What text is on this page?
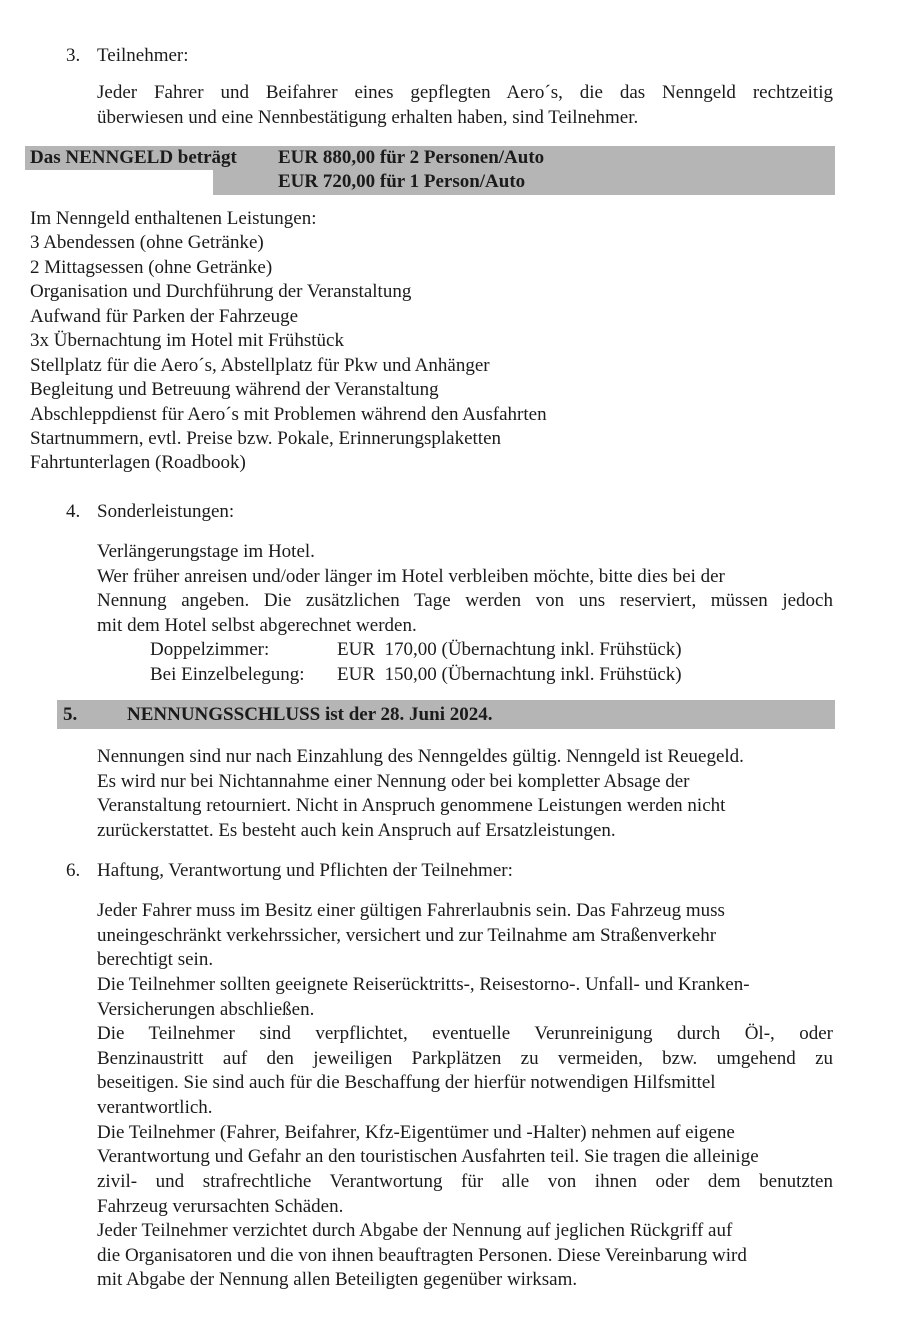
3. Teilnehmer:
Jeder Fahrer und Beifahrer eines gepflegten Aero´s, die das Nenngeld rechtzeitig
überwiesen und eine Nennbestätigung erhalten haben, sind Teilnehmer.
Das NENNGELD beträgt EUR 880,00 für 2 Personen/Auto
EUR 720,00 für 1 Person/Auto
Im Nenngeld enthaltenen Leistungen:
3 Abendessen (ohne Getränke)
2 Mittagsessen (ohne Getränke)
Organisation und Durchführung der Veranstaltung
Aufwand für Parken der Fahrzeuge
3x Übernachtung im Hotel mit Frühstück
Stellplatz für die Aero´s, Abstellplatz für Pkw und Anhänger
Begleitung und Betreuung während der Veranstaltung
Abschleppdienst für Aero´s mit Problemen während den Ausfahrten
Startnummern, evtl. Preise bzw. Pokale, Erinnerungsplaketten
Fahrtunterlagen (Roadbook)
4. Sonderleistungen:
Verlängerungstage im Hotel.
Wer früher anreisen und/oder länger im Hotel verbleiben möchte, bitte dies bei der
Nennung angeben. Die zusätzlichen Tage werden von uns reserviert, müssen jedoch
mit dem Hotel selbst abgerechnet werden.
Doppelzimmer:	EUR  170,00 (Übernachtung inkl. Frühstück)
Bei Einzelbelegung: EUR  150,00 (Übernachtung inkl. Frühstück)
5.	NENNUNGSSCHLUSS ist der 28. Juni 2024.
Nennungen sind nur nach Einzahlung des Nenngeldes gültig. Nenngeld ist Reuegeld.
Es wird nur bei Nichtannahme einer Nennung oder bei kompletter Absage der
Veranstaltung retourniert. Nicht in Anspruch genommene Leistungen werden nicht
zurückerstattet. Es besteht auch kein Anspruch auf Ersatzleistungen.
6. Haftung, Verantwortung und Pflichten der Teilnehmer:
Jeder Fahrer muss im Besitz einer gültigen Fahrerlaubnis sein. Das Fahrzeug muss
uneingeschränkt verkehrssicher, versichert und zur Teilnahme am Straßenverkehr
berechtigt sein.
Die Teilnehmer sollten geeignete Reiserücktritts-, Reisestorno-. Unfall- und Kranken-
Versicherungen abschließen.
Die Teilnehmer sind verpflichtet, eventuelle Verunreinigung durch Öl-, oder
Benzinaustritt auf den jeweiligen Parkplätzen zu vermeiden, bzw. umgehend zu
beseitigen. Sie sind auch für die Beschaffung der hierfür notwendigen Hilfsmittel
verantwortlich.
Die Teilnehmer (Fahrer, Beifahrer, Kfz-Eigentümer und -Halter) nehmen auf eigene
Verantwortung und Gefahr an den touristischen Ausfahrten teil. Sie tragen die alleinige
zivil- und strafrechtliche Verantwortung für alle von ihnen oder dem benutzten
Fahrzeug verursachten Schäden.
Jeder Teilnehmer verzichtet durch Abgabe der Nennung auf jeglichen Rückgriff auf
die Organisatoren und die von ihnen beauftragten Personen. Diese Vereinbarung wird
mit Abgabe der Nennung allen Beteiligten gegenüber wirksam.
